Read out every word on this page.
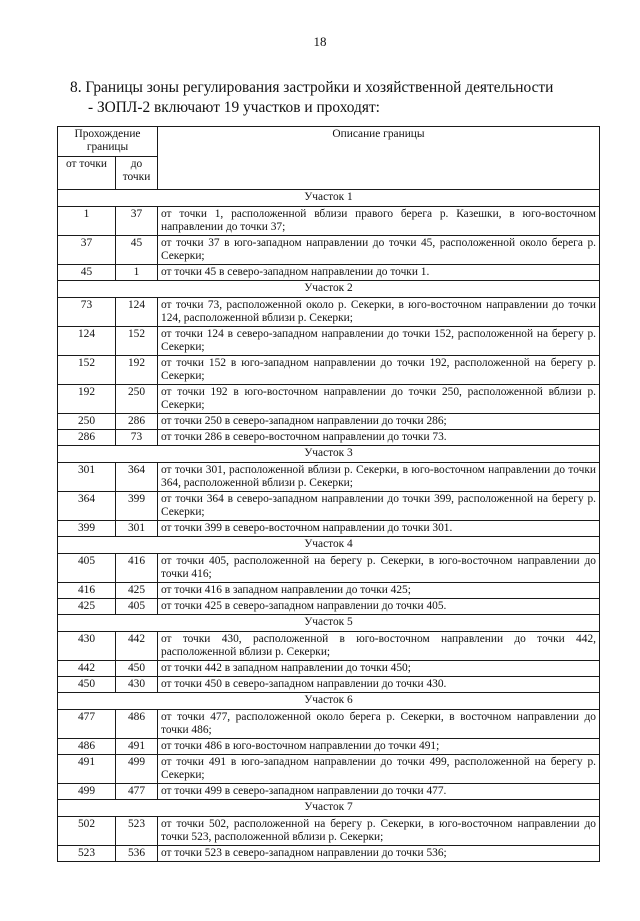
18
8. Границы зоны регулирования застройки и хозяйственной деятельности
- ЗОПЛ-2 включают 19 участков и проходят:
Прохождение границы		Описание границы
от точки	до точки	
Участок 1		
1	37	от точки 1, расположенной вблизи правого берега р. Казешки, в юго-восточном направлении до точки 37;
37	45	от точки 37 в юго-западном направлении до точки 45, расположенной около берега р. Секерки;
45	1	от точки 45 в северо-западном направлении до точки 1.
Участок 2		
73	124	от точки 73, расположенной около р. Секерки, в юго-восточном направлении до точки 124, расположенной вблизи р. Секерки;
124	152	от точки 124 в северо-западном направлении до точки 152, расположенной на берегу р. Секерки;
152	192	от точки 152 в юго-западном направлении до точки 192, расположенной на берегу р. Секерки;
192	250	от точки 192 в юго-восточном направлении до точки 250, расположенной вблизи р. Секерки;
250	286	от точки 250 в северо-западном направлении до точки 286;
286	73	от точки 286 в северо-восточном направлении до точки 73.
Участок 3		
301	364	от точки 301, расположенной вблизи р. Секерки, в юго-восточном направлении до точки 364, расположенной вблизи р. Секерки;
364	399	от точки 364 в северо-западном направлении до точки 399, расположенной на берегу р. Секерки;
399	301	от точки 399 в северо-восточном направлении до точки 301.
Участок 4		
405	416	от точки 405, расположенной на берегу р. Секерки, в юго-восточном направлении до точки 416;
416	425	от точки 416 в западном направлении до точки 425;
425	405	от точки 425 в северо-западном направлении до точки 405.
Участок 5		
430	442	от точки 430, расположенной в юго-восточном направлении до точки 442, расположенной вблизи р. Секерки;
442	450	от точки 442 в западном направлении до точки 450;
450	430	от точки 450 в северо-западном направлении до точки 430.
Участок 6		
477	486	от точки 477, расположенной около берега р. Секерки, в восточном направлении до точки 486;
486	491	от точки 486 в юго-восточном направлении до точки 491;
491	499	от точки 491 в юго-западном направлении до точки 499, расположенной на берегу р. Секерки;
499	477	от точки 499 в северо-западном направлении до точки 477.
Участок 7		
502	523	от точки 502, расположенной на берегу р. Секерки, в юго-восточном направлении до точки 523, расположенной вблизи р. Секерки;
523	536	от точки 523 в северо-западном направлении до точки 536;
